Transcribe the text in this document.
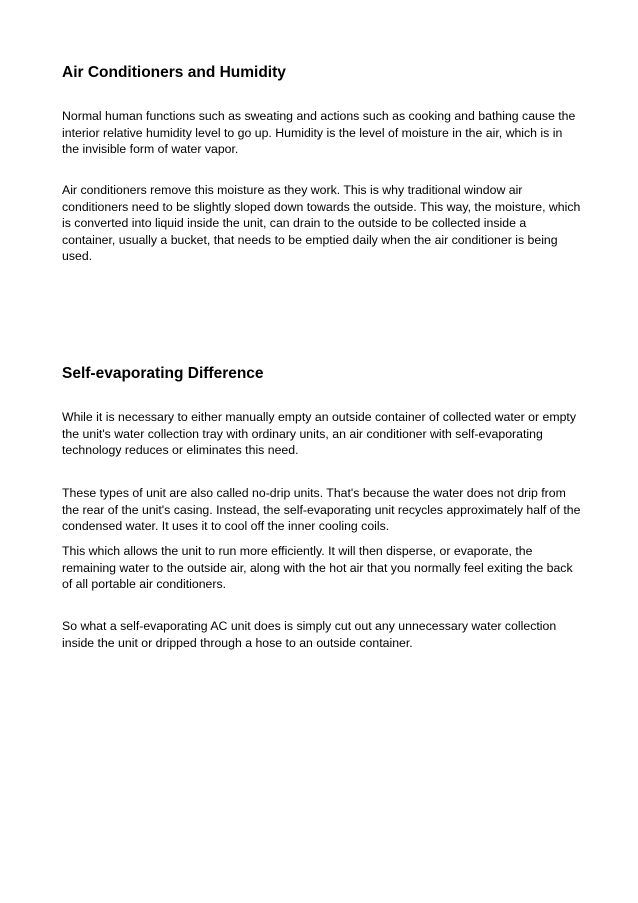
Air Conditioners and Humidity

Normal human functions such as sweating and actions such as cooking and bathing cause the interior relative humidity level to go up. Humidity is the level of moisture in the air, which is in the invisible form of water vapor.

Air conditioners remove this moisture as they work. This is why traditional window air conditioners need to be slightly sloped down towards the outside. This way, the moisture, which is converted into liquid inside the unit, can drain to the outside to be collected inside a container, usually a bucket, that needs to be emptied daily when the air conditioner is being used.

Self-evaporating Difference

While it is necessary to either manually empty an outside container of collected water or empty the unit's water collection tray with ordinary units, an air conditioner with self-evaporating technology reduces or eliminates this need.

These types of unit are also called no-drip units. That's because the water does not drip from the rear of the unit's casing. Instead, the self-evaporating unit recycles approximately half of the condensed water. It uses it to cool off the inner cooling coils.

This which allows the unit to run more efficiently. It will then disperse, or evaporate, the remaining water to the outside air, along with the hot air that you normally feel exiting the back of all portable air conditioners.

So what a self-evaporating AC unit does is simply cut out any unnecessary water collection inside the unit or dripped through a hose to an outside container.
